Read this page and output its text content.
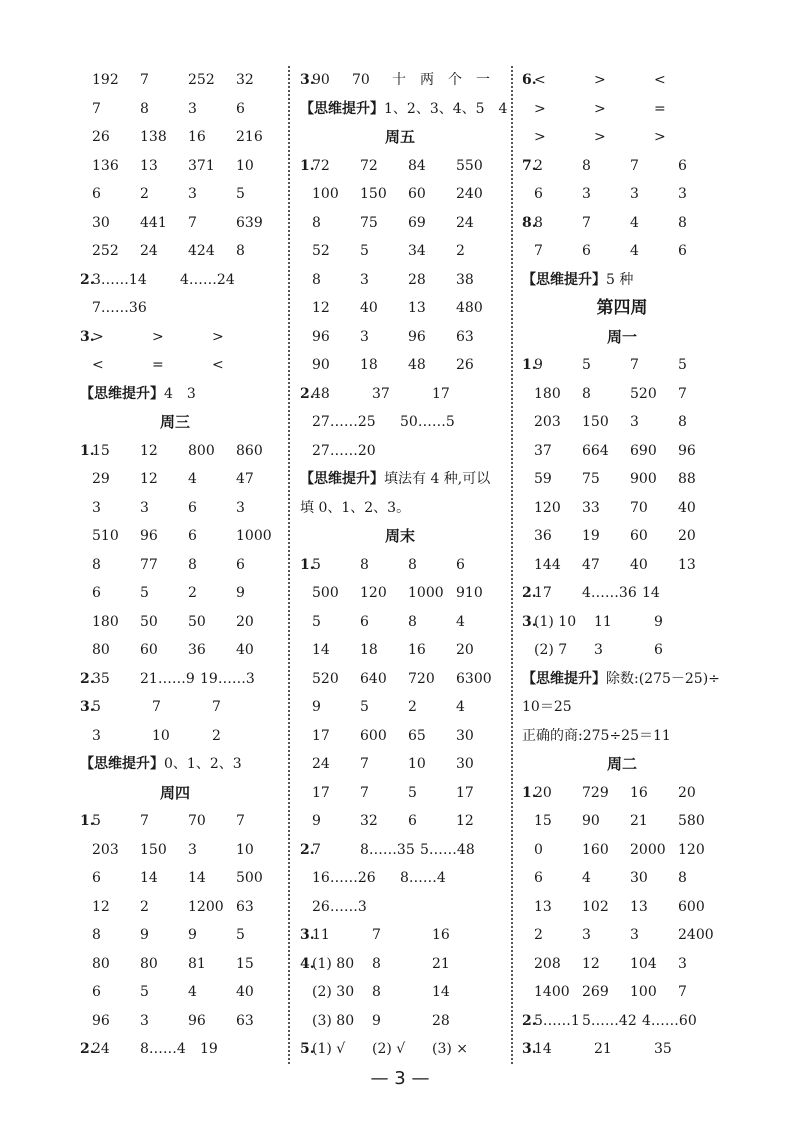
192 7	252 32
7	8	3	6
26 138 16 216
136 13 371 10
6	2	3	5
30 441 7	639
252 24 424 8
2.
3……14 4……24
7……36
3.
>	>	>
<	=	<
【思维提升】4　3
周三
1.
15 12 800 860
29 12 4	47
3	3	6	3
510 96 6	1000
8	77 8	6
6	5	2	9
180 50 50 20
80 60 36 40
2.
35 21……9 19……3
3.
5	7	7
3	10	2
【思维提升】0、1、2、3
周四
1.
5	7	70 7
203 150 3	10
6	14 14 500
12 2	1200 63
8	9	9	5
80 80 81 15
6	5	4	40
96 3	96 63
2.
24 8……4 19
3.
90 70 十　两　个　一
【思维提升】1、2、3、4、5　4
周五
1.
72 72 84 550
100 150 60 240
8	75 69 24
52 5	34 2
8	3	28 38
12 40 13 480
96 3	96 63
90 18 48 26
2.
48	37	17
27……25 50……5
27……20
【思维提升】填法有 4 种,可以
填 0、1、2、3。
周末
1.
5	8	8	6
500 120 1000 910
5	6	8	4
14 18 16 20
520 640 720 6300
9	5	2	4
17 600 65 30
24 7	10 30
17 7	5	17
9	32 6	12
2.
7	8……35 5……48
16……26 8……4
26……3
3.
11	7	16
4.
(1) 80 8	21
(2) 30 8	14
(3) 80 9	28
5.
(1) √ (2) √ (3) ×
6.
<	>	<
>	>	=
>	>	>
7.
2	8	7	6
6	3	3	3
8.
8	7	4	8
7	6	4	6
【思维提升】5 种
第四周
周一
1.
9	5	7	5
180 8	520 7
203 150 3	8
37 664 690 96
59 75 900 88
120 33 70 40
36 19 60 20
144 47 40 13
2.
17 4……36 14
3.
(1) 10 11	9
(2) 7 3	6
【思维提升】除数:(275－25)÷
10＝25
正确的商:275÷25＝11
周二
1.
20 729 16 20
15 90 21 580
0	160 2000 120
6	4	30 8
13 102 13 600
2	3	3	2400
208 12 104 3
1400 269 100 7
2.
5……1 5……42 4……60
3.
14	21	35
— 3 —
